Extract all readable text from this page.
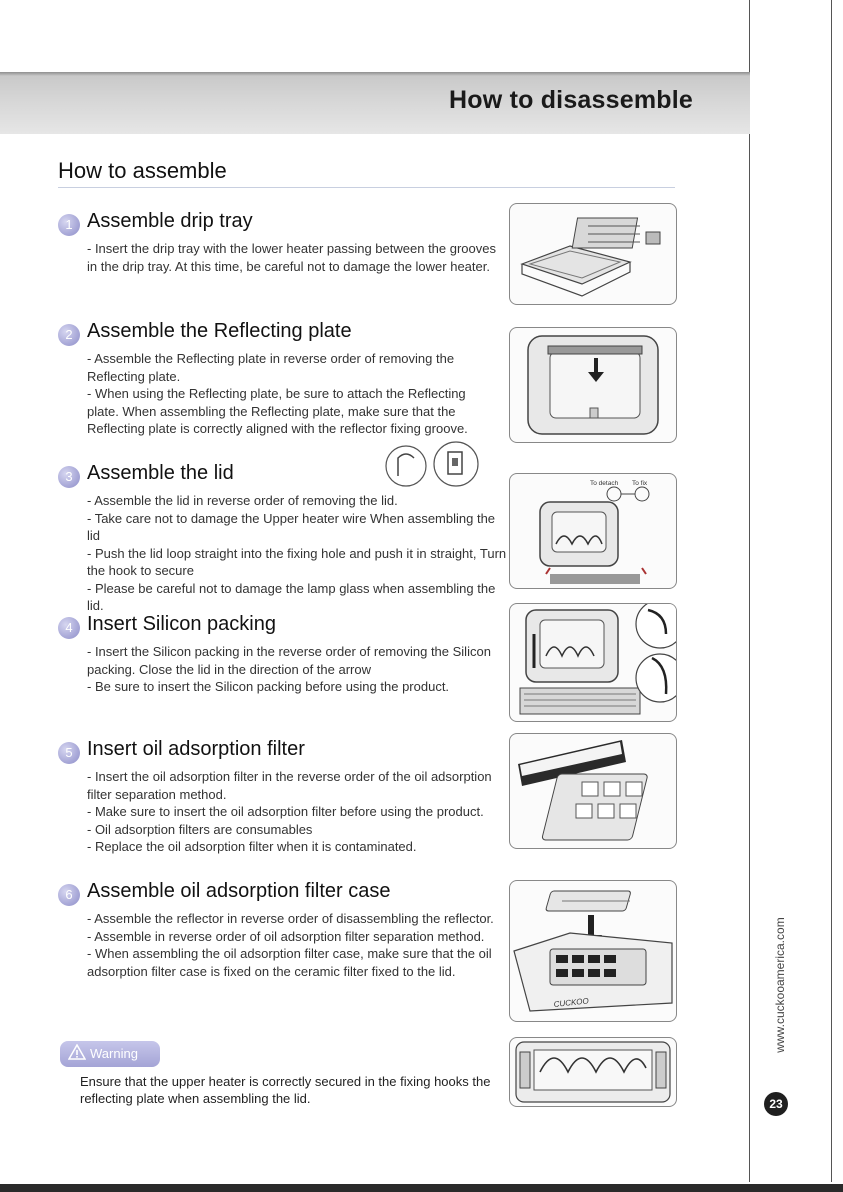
How to disassemble
How to assemble
1 Assemble drip tray
- Insert the drip tray with the lower heater passing between the grooves in the drip tray. At this time, be careful not to damage the lower heater.
2 Assemble the Reflecting plate
- Assemble the Reflecting plate in reverse order of removing the Reflecting plate.
- When using the Reflecting plate, be sure to attach the Reflecting plate. When assembling the Reflecting plate, make sure that the Reflecting plate is correctly aligned with the reflector fixing groove.
3 Assemble the lid
- Assemble the lid in reverse order of removing the lid.
- Take care not to damage the Upper heater wire When assembling the lid
- Push the lid loop straight into the fixing hole and push it in straight, Turn the hook to secure
- Please be careful not to damage the lamp glass when assembling the lid.
4 Insert Silicon packing
- Insert the Silicon packing in the reverse order of removing the Silicon packing. Close the lid in the direction of the arrow
- Be sure to insert the Silicon packing before using the product.
5 Insert oil adsorption filter
- Insert the oil adsorption filter in the reverse order of the oil adsorption filter separation method.
- Make sure to insert the oil adsorption filter before using the product.
- Oil adsorption filters are consumables
- Replace the oil adsorption filter when it is contaminated.
6 Assemble oil adsorption filter case
- Assemble the reflector in reverse order of disassembling the reflector.
- Assemble in reverse order of oil adsorption filter separation method.
- When assembling the oil adsorption filter case, make sure that the oil adsorption filter case is fixed on the ceramic filter fixed to the lid.
To detach To fix
CUCKOO
Warning
Ensure that the upper heater is correctly secured in the fixing hooks the reflecting plate when assembling the lid.
www.cuckooamerica.com
23
